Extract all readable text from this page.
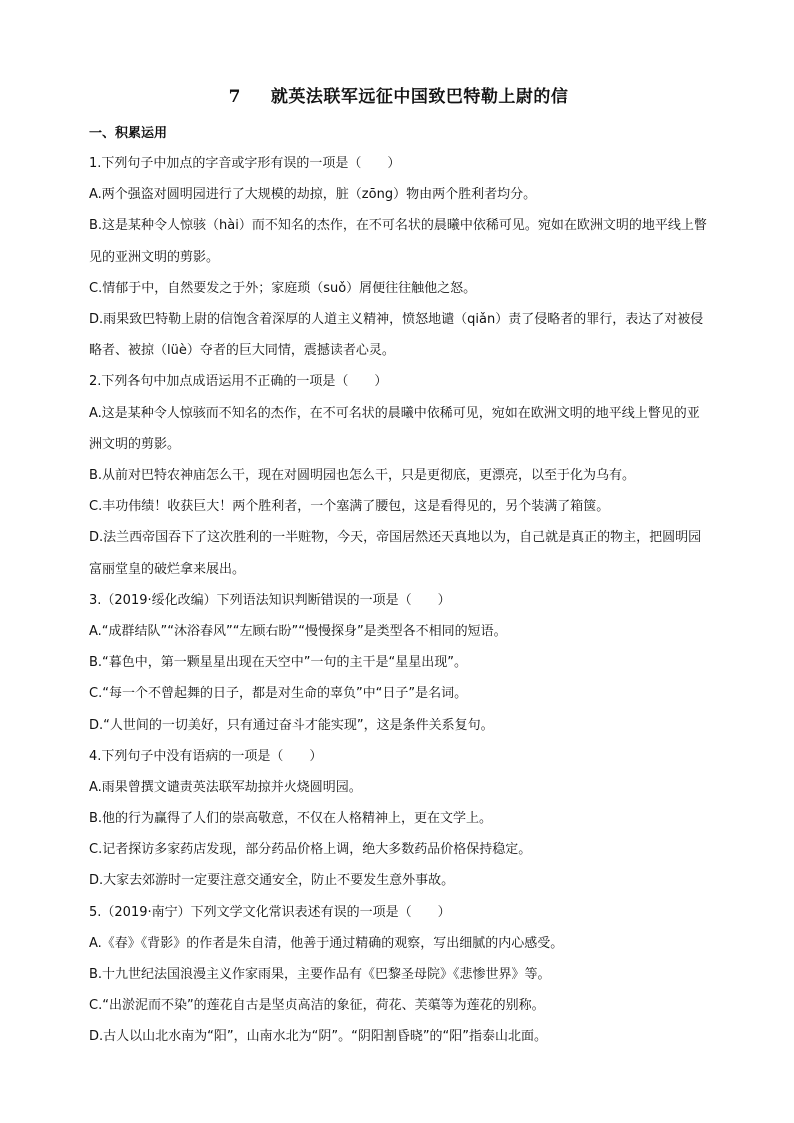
7 就英法联军远征中国致巴特勒上尉的信
一、积累运用
1.下列句子中加点的字音或字形有误的一项是（　　）
A.两个强盗对圆明园进行了大规模的劫掠，脏（zōng）物由两个胜利者均分。
B.这是某种令人惊骇（hài）而不知名的杰作，在不可名状的晨曦中依稀可见。宛如在欧洲文明的地平线上瞥见的亚洲文明的剪影。
C.情郁于中，自然要发之于外；家庭琐（suǒ）屑便往往触他之怒。
D.雨果致巴特勒上尉的信饱含着深厚的人道主义精神，愤怒地谴（qiǎn）责了侵略者的罪行，表达了对被侵略者、被掠（lüè）夺者的巨大同情，震撼读者心灵。
2.下列各句中加点成语运用不正确的一项是（　　）
A.这是某种令人惊骇而不知名的杰作，在不可名状的晨曦中依稀可见，宛如在欧洲文明的地平线上瞥见的亚洲文明的剪影。
B.从前对巴特农神庙怎么干，现在对圆明园也怎么干，只是更彻底，更漂亮，以至于化为乌有。
C.丰功伟绩！收获巨大！两个胜利者，一个塞满了腰包，这是看得见的，另个装满了箱箧。
D.法兰西帝国吞下了这次胜利的一半赃物，今天，帝国居然还天真地以为，自己就是真正的物主，把圆明园富丽堂皇的破烂拿来展出。
3.（2019·绥化改编）下列语法知识判断错误的一项是（　　）
A.“成群结队”“沐浴春风”“左顾右盼”“慢慢探身”是类型各不相同的短语。
B.“暮色中，第一颗星星出现在天空中”一句的主干是“星星出现”。
C.“每一个不曾起舞的日子，都是对生命的辜负”中“日子”是名词。
D.“人世间的一切美好，只有通过奋斗才能实现”，这是条件关系复句。
4.下列句子中没有语病的一项是（　　）
A.雨果曾撰文谴责英法联军劫掠并火烧圆明园。
B.他的行为赢得了人们的崇高敬意，不仅在人格精神上，更在文学上。
C.记者探访多家药店发现，部分药品价格上调，绝大多数药品价格保持稳定。
D.大家去郊游时一定要注意交通安全，防止不要发生意外事故。
5.（2019·南宁）下列文学文化常识表述有误的一项是（　　）
A.《春》《背影》的作者是朱自清，他善于通过精确的观察，写出细腻的内心感受。
B.十九世纪法国浪漫主义作家雨果，主要作品有《巴黎圣母院》《悲惨世界》等。
C.“出淤泥而不染”的莲花自古是坚贞高洁的象征，荷花、芙蕖等为莲花的别称。
D.古人以山北水南为“阳”，山南水北为“阴”。“阴阳割昏晓”的“阳”指泰山北面。
